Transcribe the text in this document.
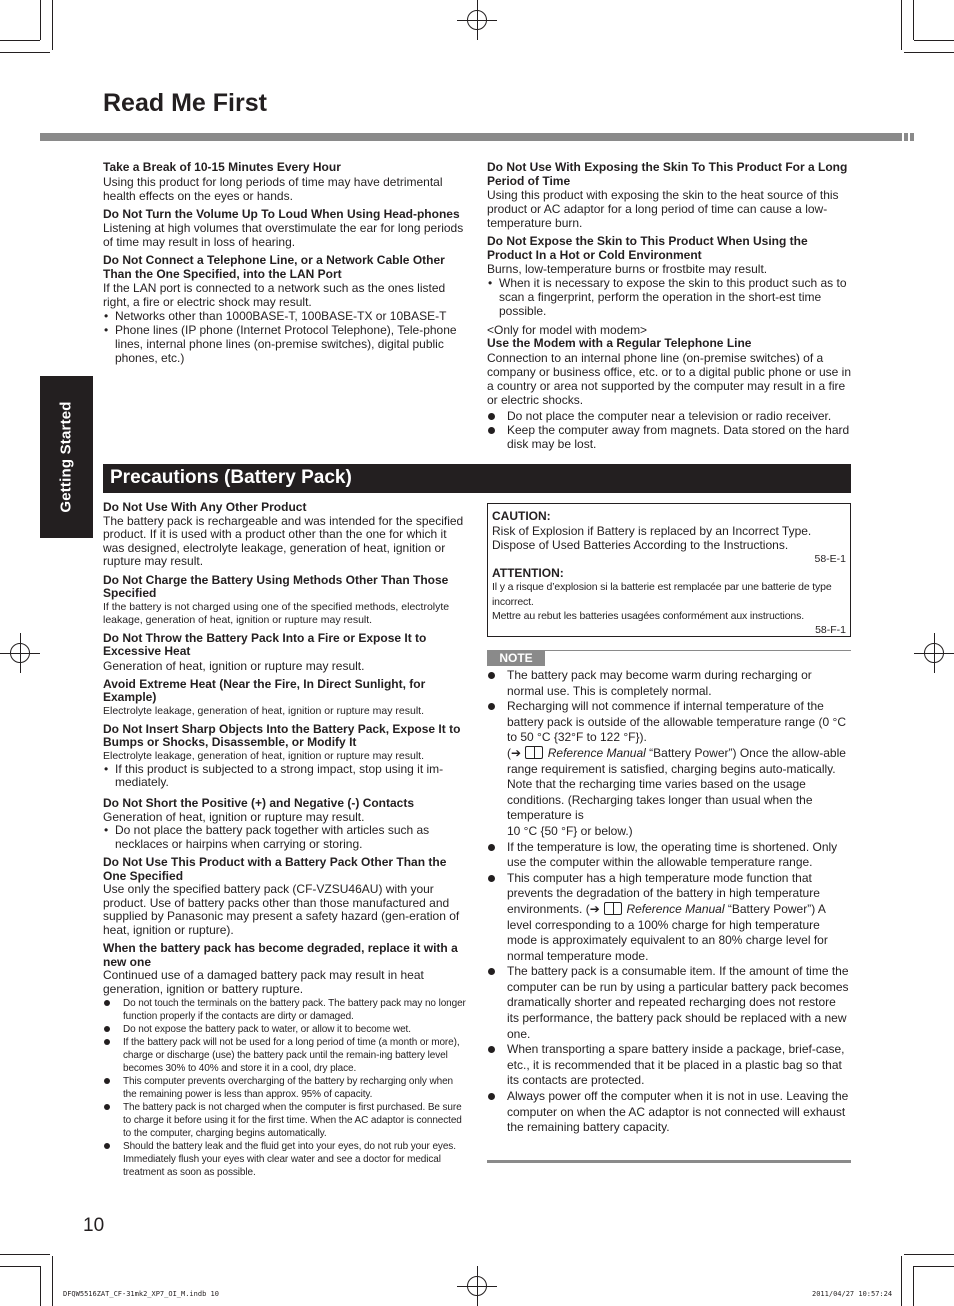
Read Me First
Getting Started

Take a Break of 10-15 Minutes Every Hour

Using this product for long periods of time may have detrimental health effects on the eyes or hands.

Do Not Turn the Volume Up To Loud When Using Head-phones

Listening at high volumes that overstimulate the ear for long periods of time may result in loss of hearing.

Do Not Connect a Telephone Line, or a Network Cable Other Than the One Specified, into the LAN Port

If the LAN port is connected to a network such as the ones listed right, a fire or electric shock may result.

• Networks other than 1000BASE-T, 100BASE-TX or 10BASE-T
• Phone lines (IP phone (Internet Protocol Telephone), Tele-phone lines, internal phone lines (on-premise switches), digital public phones, etc.)

Do Not Use With Exposing the Skin To This Product For a Long Period of Time

Using this product with exposing the skin to the heat source of this product or AC adaptor for a long period of time can cause a low-temperature burn.

Do Not Expose the Skin to This Product When Using the Product In a Hot or Cold Environment

Burns, low-temperature burns or frostbite may result.

• When it is necessary to expose the skin to this product such as to scan a fingerprint, perform the operation in the short-est time possible.

<Only for model with modem>

Use the Modem with a Regular Telephone Line

Connection to an internal phone line (on-premise switches) of a company or business office, etc. or to a digital public phone or use in a country or area not supported by the computer may result in a fire or electric shocks.

Do not place the computer near a television or radio receiver.
Keep the computer away from magnets. Data stored on the hard disk may be lost.
Precautions (Battery Pack)

Do Not Use With Any Other Product

The battery pack is rechargeable and was intended for the specified product. If it is used with a product other than the one for which it was designed, electrolyte leakage, generation of heat, ignition or rupture may result.

Do Not Charge the Battery Using Methods Other Than Those Specified

If the battery is not charged using one of the specified methods, electrolyte leakage, generation of heat, ignition or rupture may result.

Do Not Throw the Battery Pack Into a Fire or Expose It to Excessive Heat

Generation of heat, ignition or rupture may result.

Avoid Extreme Heat (Near the Fire, In Direct Sunlight, for Example)

Electrolyte leakage, generation of heat, ignition or rupture may result.

Do Not Insert Sharp Objects Into the Battery Pack, Expose It to Bumps or Shocks, Disassemble, or Modify It

Electrolyte leakage, generation of heat, ignition or rupture may result.

• If this product is subjected to a strong impact, stop using it im-mediately.

Do Not Short the Positive (+) and Negative (-) Contacts

Generation of heat, ignition or rupture may result.

• Do not place the battery pack together with articles such as necklaces or hairpins when carrying or storing.

Do Not Use This Product with a Battery Pack Other Than the One Specified

Use only the specified battery pack (CF-VZSU46AU) with your product. Use of battery packs other than those manufactured and supplied by Panasonic may present a safety hazard (gen-eration of heat, ignition or rupture).

When the battery pack has become degraded, replace it with a new one

Continued use of a damaged battery pack may result in heat generation, ignition or battery rupture.

Do not touch the terminals on the battery pack. The battery pack may no longer function properly if the contacts are dirty or damaged.
Do not expose the battery pack to water, or allow it to become wet.
If the battery pack will not be used for a long period of time (a month or more), charge or discharge (use) the battery pack until the remain-ing battery level becomes 30% to 40% and store it in a cool, dry place.
This computer prevents overcharging of the battery by recharging only when the remaining power is less than approx. 95% of capacity.
The battery pack is not charged when the computer is first purchased. Be sure to charge it before using it for the first time. When the AC adaptor is connected to the computer, charging begins automatically.
Should the battery leak and the fluid get into your eyes, do not rub your eyes. Immediately flush your eyes with clear water and see a doctor for medical treatment as soon as possible.

CAUTION:

Risk of Explosion if Battery is replaced by an Incorrect Type. Dispose of Used Batteries According to the Instructions.

58-E-1

ATTENTION:

Il y a risque d’explosion si la batterie est remplacée par une batterie de type incorrect.

Mettre au rebut les batteries usagées conformément aux instructions.

58-F-1

NOTE
The battery pack may become warm during recharging or normal use. This is completely normal.
Recharging will not commence if internal temperature of the battery pack is outside of the allowable temperature range (0 °C to 50 °C {32°F to 122 °F}).
(➔ Reference Manual “Battery Power”) Once the allow-able range requirement is satisfied, charging begins auto-matically. Note that the recharging time varies based on the usage conditions. (Recharging takes longer than usual when the temperature is
10 °C {50 °F} or below.)
If the temperature is low, the operating time is shortened. Only use the computer within the allowable temperature range.
This computer has a high temperature mode function that prevents the degradation of the battery in high temperature environments. (➔ Reference Manual “Battery Power”) A level corresponding to a 100% charge for high temperature mode is approximately equivalent to an 80% charge level for normal temperature mode.
The battery pack is a consumable item. If the amount of time the computer can be run by using a particular battery pack becomes dramatically shorter and repeated recharging does not restore its performance, the battery pack should be replaced with a new one.
When transporting a spare battery inside a package, brief-case, etc., it is recommended that it be placed in a plastic bag so that its contacts are protected.
Always power off the computer when it is not in use. Leaving the computer on when the AC adaptor is not connected will exhaust the remaining battery capacity.
10
DFQW5516ZAT_CF-31mk2_XP7_OI_M.indb 10	2011/04/27 10:57:24
